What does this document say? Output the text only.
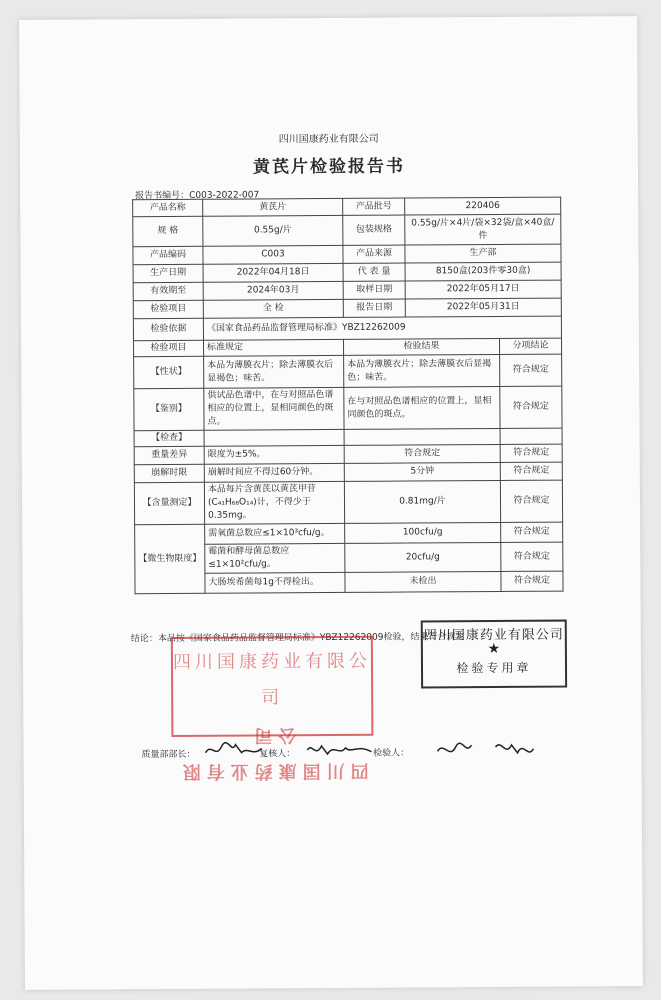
四川国康药业有限公司
黄芪片检验报告书
报告书编号：C003-2022-007
产品名称	黄芪片	产品批号	220406	
规 格	0.55g/片	包装规格	0.55g/片×4片/袋×32袋/盒×40盒/件	
产品编码	C003	产品来源	生产部	
生产日期	2022年04月18日	代 表 量	8150盒(203件零30盒)	
有效期至	2024年03月	取样日期	2022年05月17日	
检验项目	全 检	报告日期	2022年05月31日	
检验依据	《国家食品药品监督管理局标准》YBZ12262009			
检验项目	标准规定	检验结果		分项结论
【性状】	本品为薄膜衣片；除去薄膜衣后显褐色；味苦。	本品为薄膜衣片；除去薄膜衣后显褐色；味苦。		符合规定
【鉴别】	供试品色谱中，在与对照品色谱相应的位置上，显相同颜色的斑点。	在与对照品色谱相应的位置上，显相同颜色的斑点。		符合规定
【检查】				
重量差异	限度为±5%。	符合规定		符合规定
崩解时限	崩解时间应不得过60分钟。	5分钟		符合规定
【含量测定】	本品每片含黄芪以黄芪甲苷(C₄₁H₆₈O₁₄)计，不得少于0.35mg。	0.81mg/片		符合规定
【微生物限度】	需氧菌总数应≤1×10³cfu/g。	100cfu/g		符合规定
	霉菌和酵母菌总数应≤1×10²cfu/g。	20cfu/g		符合规定
	大肠埃希菌每1g不得检出。	未检出		符合规定
结论：本品按《国家食品药品监督管理局标准》YBZ12262009检验，结果符合规定
四川国康药业有限公司
四川国康药业有限公司
四川国康药业有限公司
★
检验专用章
质量部部长：	复核人：	检验人：
